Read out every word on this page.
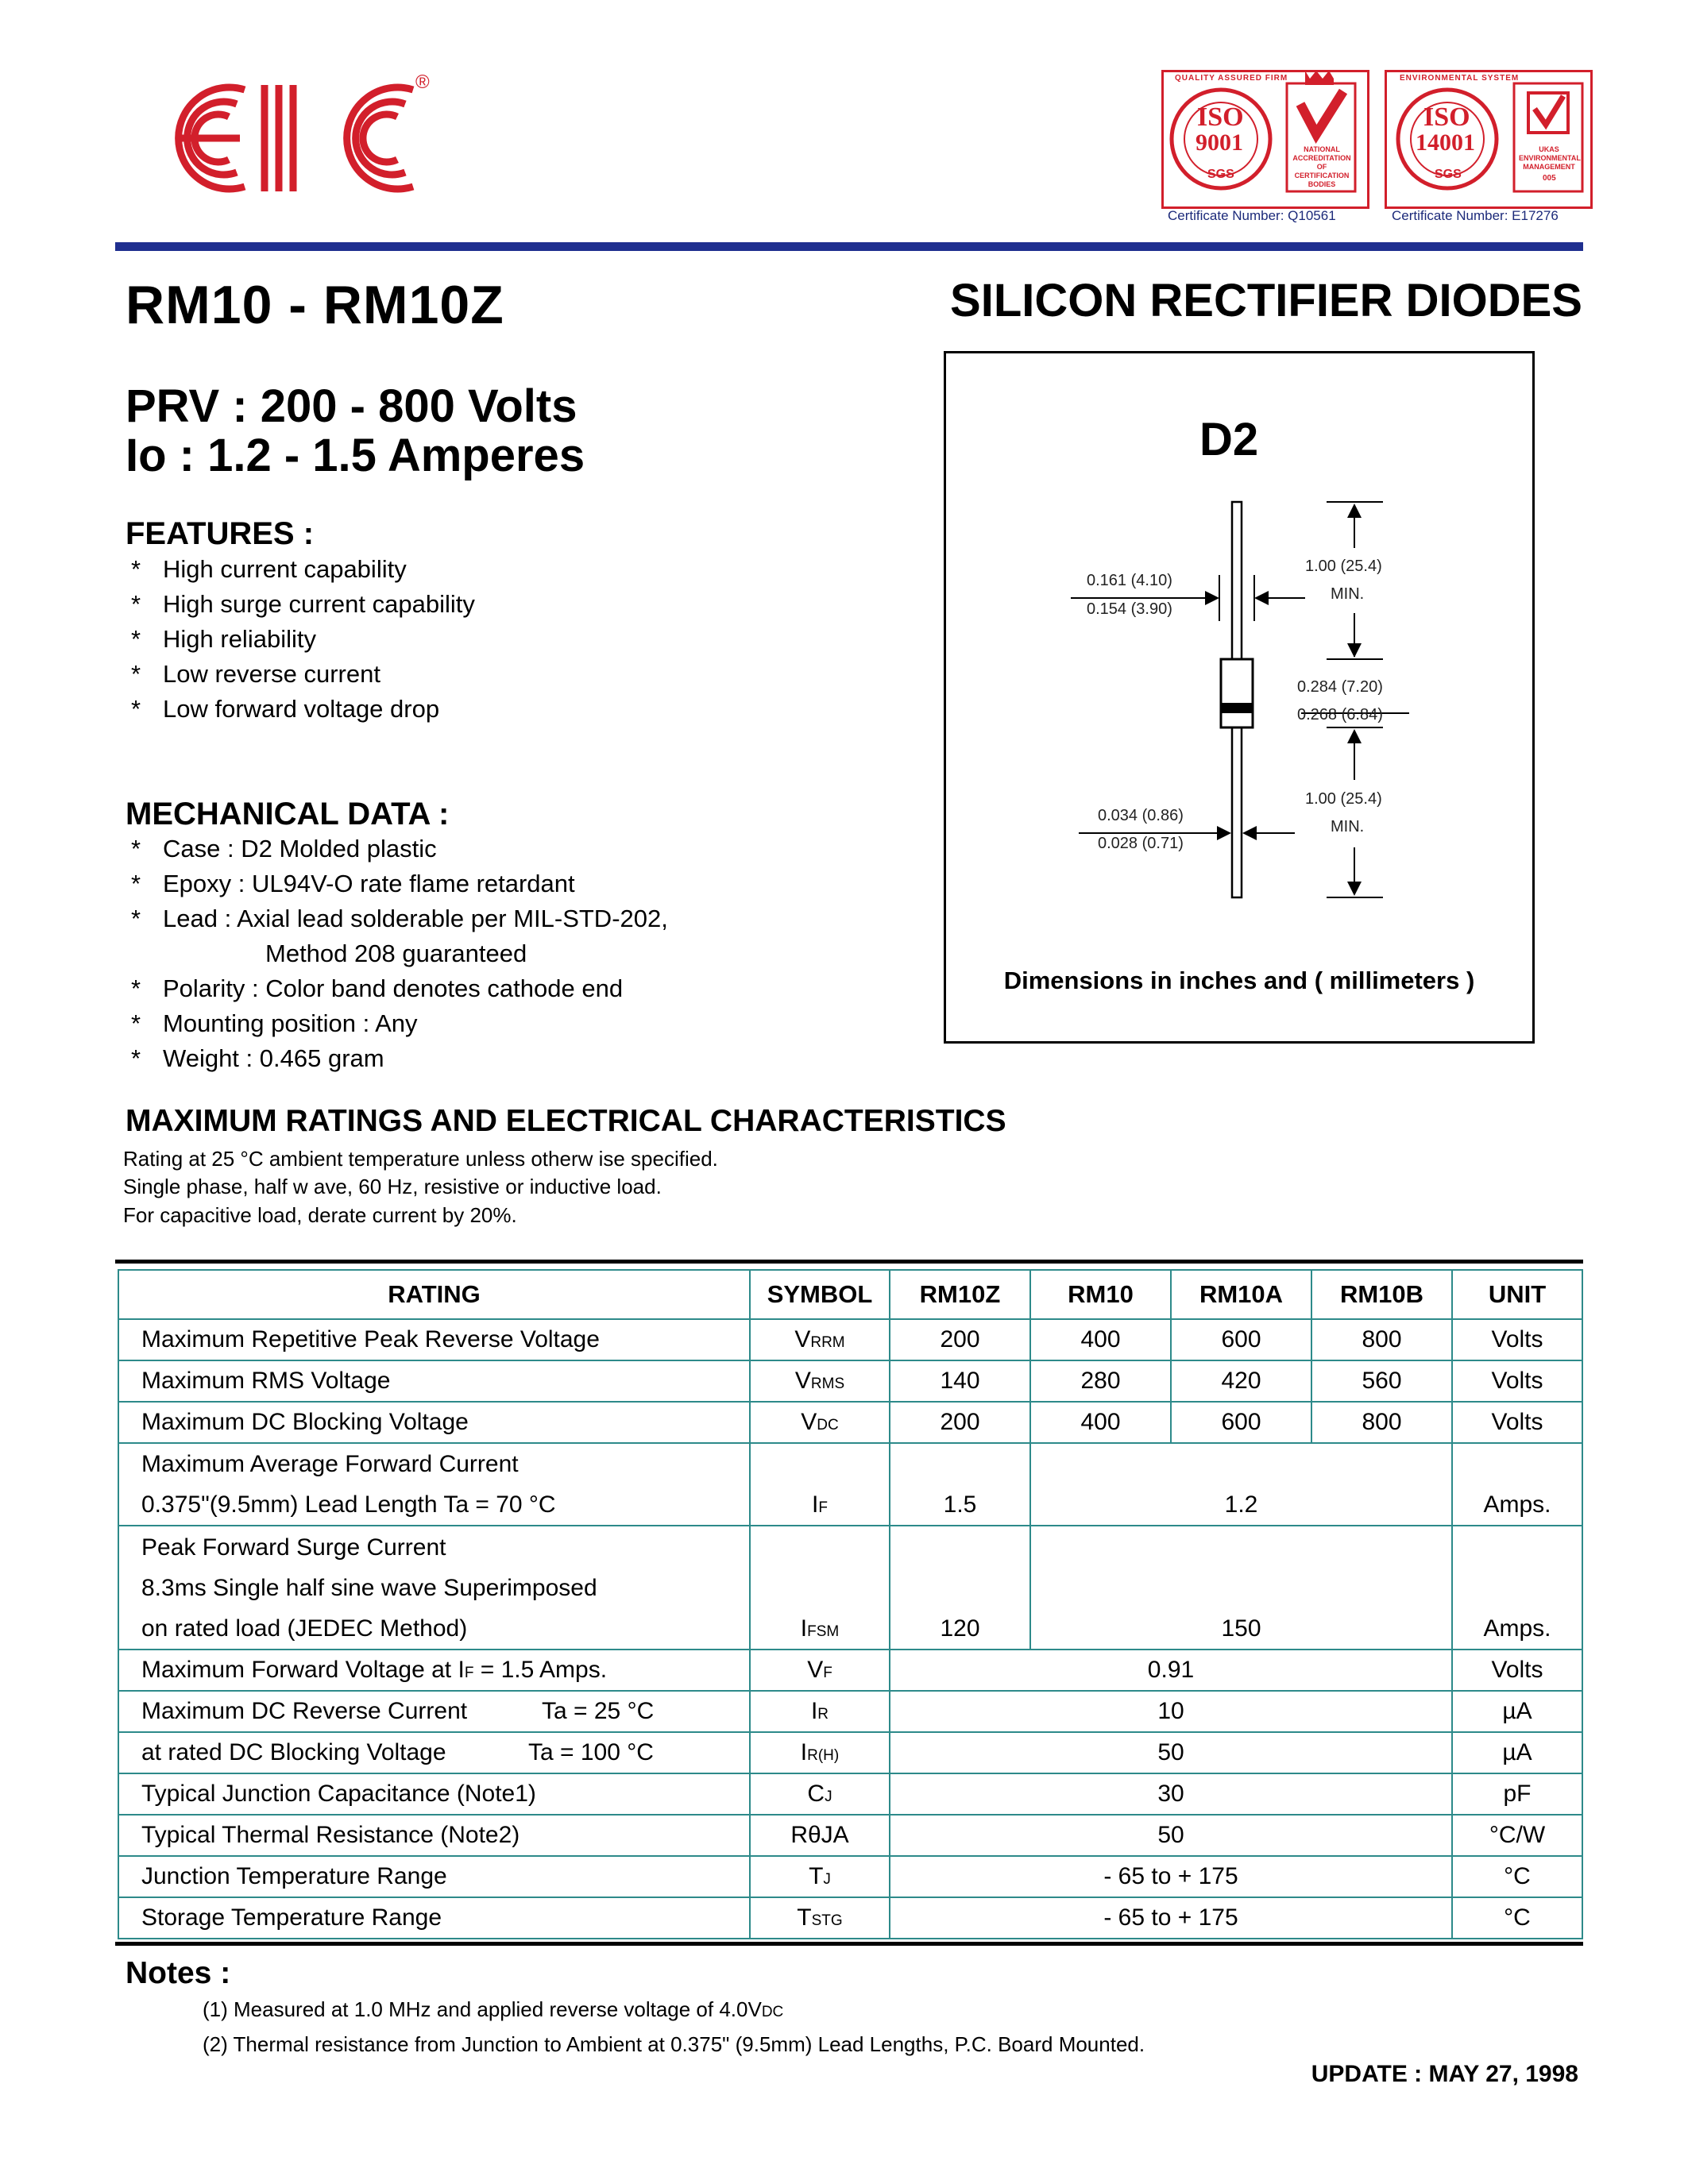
®
ISO
9001
SGS
QUALITY ASSURED FIRM
NATIONAL ACCREDITATION OF CERTIFICATION BODIES
Certificate Number: Q10561
ISO
14001
SGS
ENVIRONMENTAL SYSTEM
UKAS ENVIRONMENTAL MANAGEMENT
005
Certificate Number: E17276
RM10 - RM10Z	SILICON RECTIFIER DIODES
PRV : 200 - 800 Volts
Io : 1.2 - 1.5 Amperes
FEATURES :
* High current capability
* High surge current capability
* High reliability
* Low reverse current
* Low forward voltage drop
MECHANICAL DATA :
* Case : D2 Molded plastic
* Epoxy : UL94V-O rate flame retardant
* Lead : Axial lead solderable per MIL-STD-202,
Method 208 guaranteed
* Polarity : Color band denotes cathode end
* Mounting position : Any
* Weight : 0.465 gram
D2
0.161 (4.10)
0.154 (3.90)
1.00 (25.4)
MIN.
0.284 (7.20)
0.268 (6.84)
1.00 (25.4)
MIN.
0.034 (0.86)
0.028 (0.71)
Dimensions in inches and ( millimeters )
MAXIMUM RATINGS AND ELECTRICAL CHARACTERISTICS
Rating at 25 °C ambient temperature unless otherw ise specified.
Single phase, half w ave, 60 Hz, resistive or inductive load.
For capacitive load, derate current by 20%.
RATING	SYMBOL	RM10Z	RM10	RM10A	RM10B	UNIT
Maximum Repetitive Peak Reverse Voltage	VRRM	200	400	600	800	Volts
Maximum RMS Voltage	VRMS	140	280	420	560	Volts
Maximum DC Blocking Voltage	VDC	200	400	600	800	Volts

Maximum Average Forward Current
0.375"(9.5mm) Lead Length Ta = 70 °C	IF	1.5	1.2			Amps.

Peak Forward Surge Current
8.3ms Single half sine wave Superimposed
on rated load (JEDEC Method)	IFSM	120	150			Amps.
Maximum Forward Voltage at IF = 1.5 Amps.	VF	0.91				Volts
Maximum DC Reverse Current Ta = 25 °C	IR	10				µA
at rated DC Blocking Voltage Ta = 100 °C	IR(H)	50				µA
Typical Junction Capacitance (Note1)	CJ	30				pF
Typical Thermal Resistance (Note2)	RθJA	50				°C/W
Junction Temperature Range	TJ	- 65 to + 175				°C
Storage Temperature Range	TSTG	- 65 to + 175				°C
Notes :
(1) Measured at 1.0 MHz and applied reverse voltage of 4.0VDC
(2) Thermal resistance from Junction to Ambient at 0.375" (9.5mm) Lead Lengths, P.C. Board Mounted.
UPDATE : MAY 27, 1998
